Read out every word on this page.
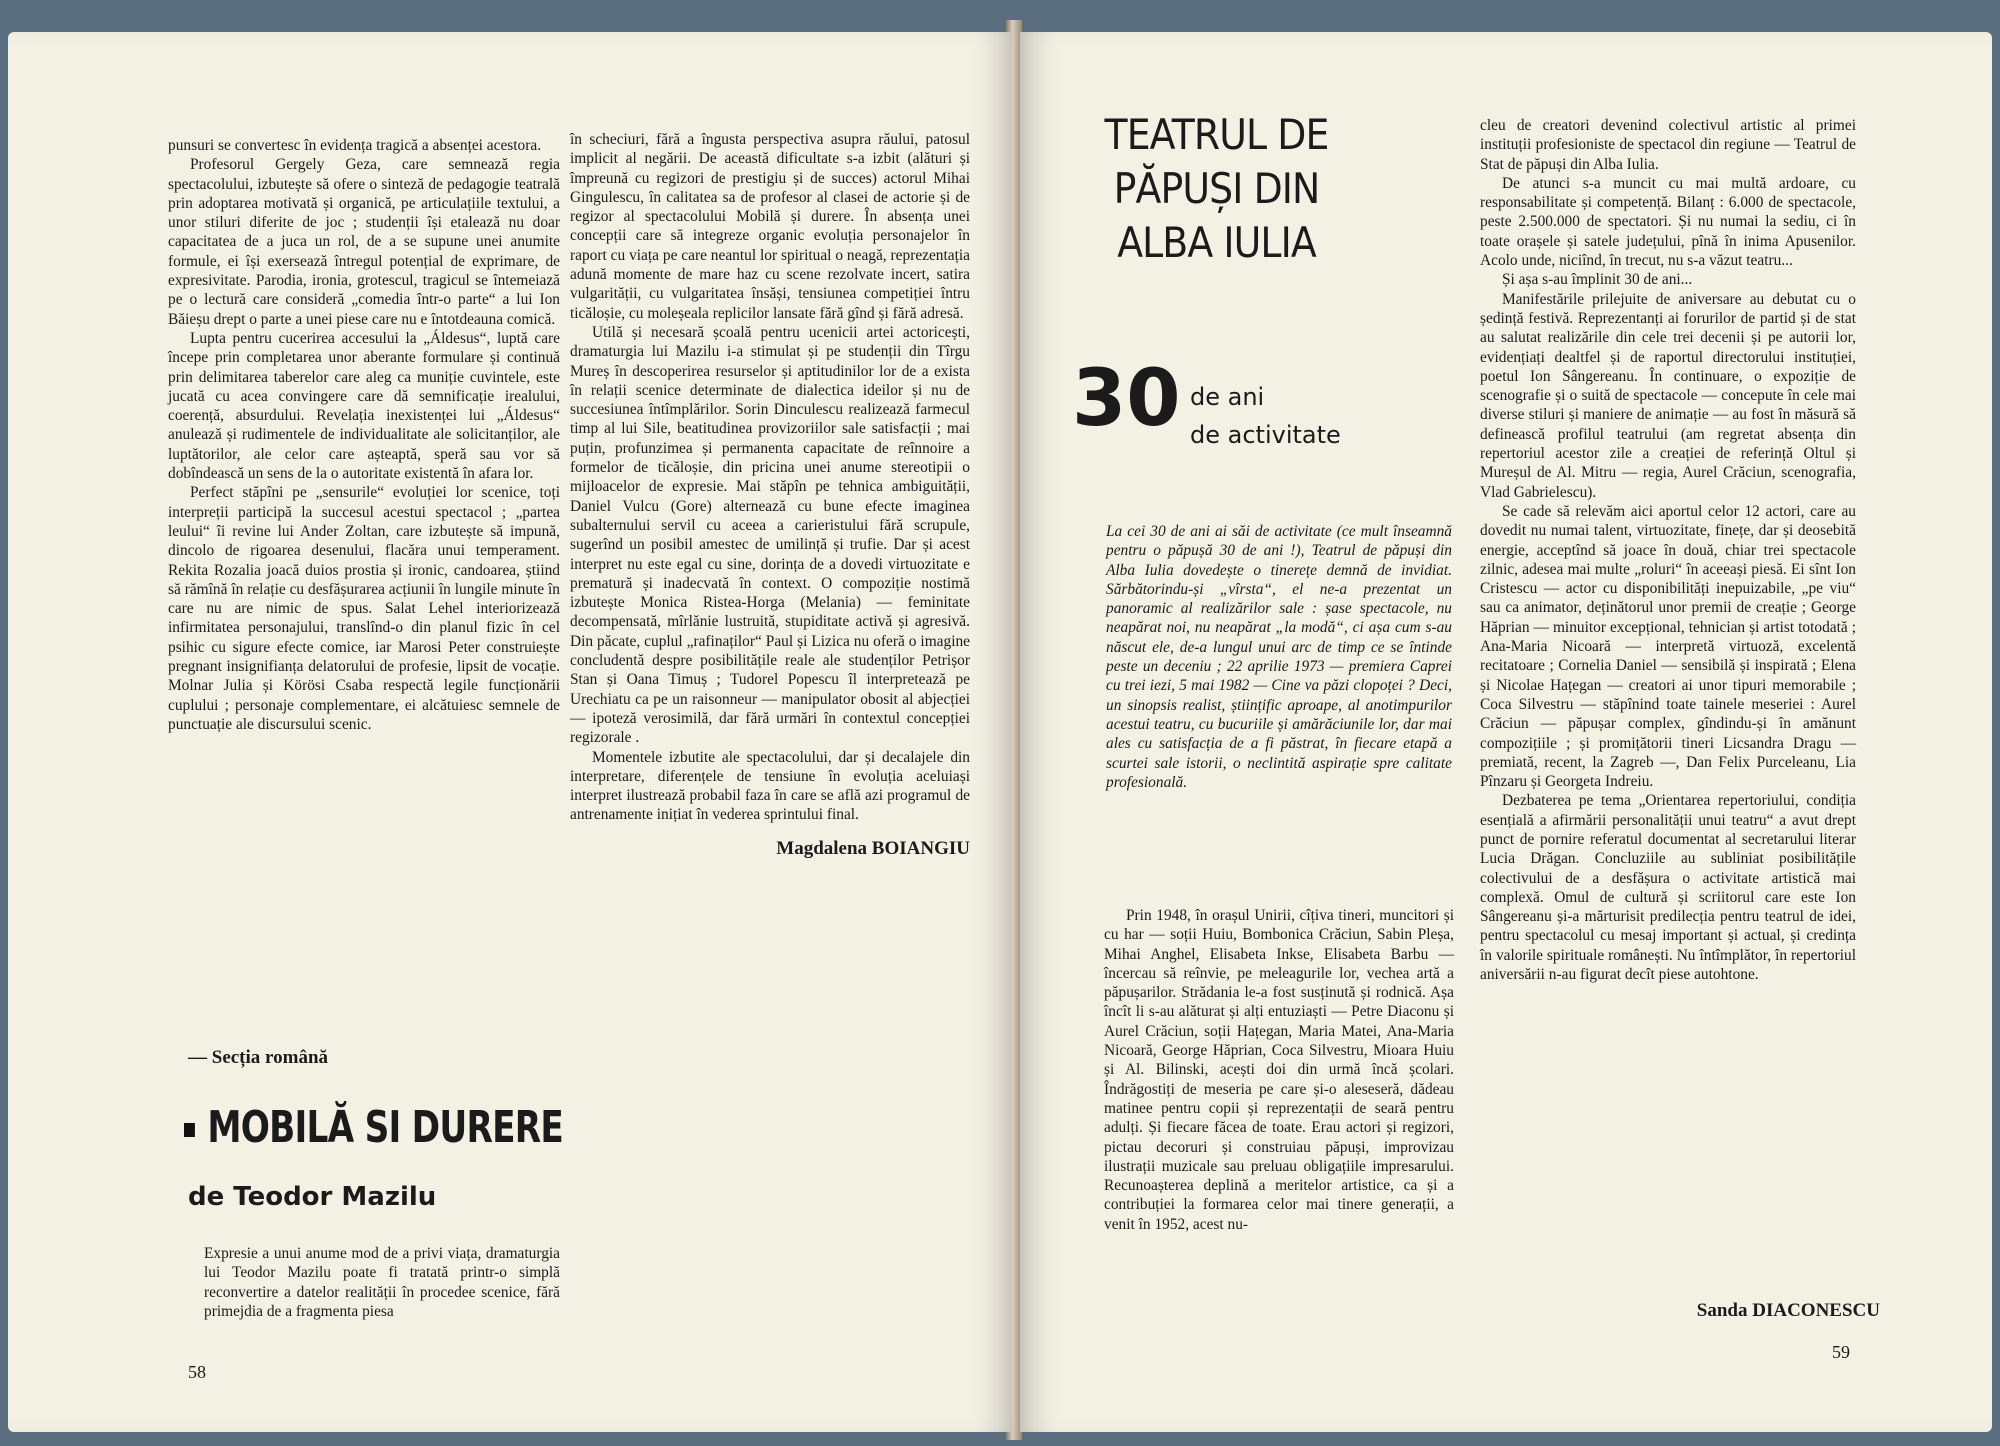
punsuri se convertesc în evidența tragică a absenței acestora.

Profesorul Gergely Geza, care semnează regia spectacolului, izbutește să ofere o sinteză de pedagogie teatrală prin adoptarea motivată și organică, pe articulațiile textului, a unor stiluri diferite de joc ; studenții își etalează nu doar capacitatea de a juca un rol, de a se supune unei anumite formule, ei își exersează întregul potențial de exprimare, de expresivitate. Parodia, ironia, grotescul, tragicul se întemeiază pe o lectură care consideră „comedia într-o parte“ a lui Ion Băieșu drept o parte a unei piese care nu e întotdeauna comică.

Lupta pentru cucerirea accesului la „Áldesus“, luptă care începe prin completarea unor aberante formulare și continuă prin delimitarea taberelor care aleg ca muniție cuvintele, este jucată cu acea convingere care dă semnificație irealului, coerență, absurdului. Revelația inexistenței lui „Áldesus“ anulează și rudimentele de individualitate ale solicitanților, ale luptătorilor, ale celor care așteaptă, speră sau vor să dobîndească un sens de la o autoritate existentă în afara lor.

Perfect stăpîni pe „sensurile“ evoluției lor scenice, toți interpreții participă la succesul acestui spectacol ; „partea leului“ îi revine lui Ander Zoltan, care izbutește să impună, dincolo de rigoarea desenului, flacăra unui temperament. Rekita Rozalia joacă duios prostia și ironic, candoarea, știind să rămînă în relație cu desfășurarea acțiunii în lungile minute în care nu are nimic de spus. Salat Lehel interiorizează infirmitatea personajului, translînd-o din planul fizic în cel psihic cu sigure efecte comice, iar Marosi Peter construiește pregnant insignifianța delatorului de profesie, lipsit de vocație. Molnar Julia și Körösi Csaba respectă legile funcționării cuplului ; personaje complementare, ei alcătuiesc semnele de punctuație ale discursului scenic.

— Secția română
MOBILĂ SI DURERE
de Teodor Mazilu
Expresie a unui anume mod de a privi viața, dramaturgia lui Teodor Mazilu poate fi tratată printr-o simplă reconvertire a datelor realității în procedee scenice, fără primejdia de a fragmenta piesa

în scheciuri, fără a îngusta perspectiva asupra răului, patosul implicit al negării. De această dificultate s-a izbit (alături și împreună cu regizori de prestigiu și de succes) actorul Mihai Gingulescu, în calitatea sa de profesor al clasei de actorie și de regizor al spectacolului Mobilă și durere. În absența unei concepții care să integreze organic evoluția personajelor în raport cu viața pe care neantul lor spiritual o neagă, reprezentația adună momente de mare haz cu scene rezolvate incert, satira vulgarității, cu vulgaritatea însăși, tensiunea competiției întru ticăloșie, cu moleșeala replicilor lansate fără gînd și fără adresă.

Utilă și necesară școală pentru ucenicii artei actoricești, dramaturgia lui Mazilu i-a stimulat și pe studenții din Tîrgu Mureș în descoperirea resurselor și aptitudinilor lor de a exista în relații scenice determinate de dialectica ideilor și nu de succesiunea întîmplărilor. Sorin Dinculescu realizează farmecul timp al lui Sile, beatitudinea provizoriilor sale satisfacții ; mai puțin, profunzimea și permanenta capacitate de reînnoire a formelor de ticăloșie, din pricina unei anume stereotipii o mijloacelor de expresie. Mai stăpîn pe tehnica ambiguității, Daniel Vulcu (Gore) alternează cu bune efecte imaginea subalternului servil cu aceea a carieristului fără scrupule, sugerînd un posibil amestec de umilință și trufie. Dar și acest interpret nu este egal cu sine, dorința de a dovedi virtuozitate e prematură și inadecvată în context. O compoziție nostimă izbutește Monica Ristea-Horga (Melania) — feminitate decompensată, mîrlănie lustruită, stupiditate activă și agresivă. Din păcate, cuplul „rafinaților“ Paul și Lizica nu oferă o imagine concludentă despre posibilitățile reale ale studenților Petrișor Stan și Oana Timuș ; Tudorel Popescu îl interpretează pe Urechiatu ca pe un raisonneur — manipulator obosit al abjecției — ipoteză verosimilă, dar fără urmări în contextul concepției regizorale .

Momentele izbutite ale spectacolului, dar și decalajele din interpretare, diferențele de tensiune în evoluția aceluiași interpret ilustrează probabil faza în care se află azi programul de antrenamente inițiat în vederea sprintului final.

Magdalena BOIANGIU
58
TEATRUL DE
PĂPUȘI DIN
ALBA IULIA
30 de ani
de activitate
La cei 30 de ani ai săi de activitate (ce mult înseamnă pentru o păpușă 30 de ani !), Teatrul de păpuși din Alba Iulia dovedește o tinerețe demnă de invidiat. Sărbătorindu-și „vîrsta“, el ne-a prezentat un panoramic al realizărilor sale : șase spectacole, nu neapărat noi, nu neapărat „la modă“, ci așa cum s-au născut ele, de-a lungul unui arc de timp ce se întinde peste un deceniu ; 22 aprilie 1973 — premiera Caprei cu trei iezi, 5 mai 1982 — Cine va păzi clopoței ? Deci, un sinopsis realist, științific aproape, al anotimpurilor acestui teatru, cu bucuriile și amărăciunile lor, dar mai ales cu satisfacția de a fi păstrat, în fiecare etapă a scurtei sale istorii, o neclintită aspirație spre calitate profesională.

Prin 1948, în orașul Unirii, cîțiva tineri, muncitori și cu har — soții Huiu, Bombonica Crăciun, Sabin Pleșa, Mihai Anghel, Elisabeta Inkse, Elisabeta Barbu — încercau să reînvie, pe meleagurile lor, vechea artă a păpușarilor. Strădania le-a fost susținută și rodnică. Așa încît li s-au alăturat și alți entuziaști — Petre Diaconu și Aurel Crăciun, soții Hațegan, Maria Matei, Ana-Maria Nicoară, George Hăprian, Coca Silvestru, Mioara Huiu și Al. Bilinski, acești doi din urmă încă școlari. Îndrăgostiți de meseria pe care și-o aleseseră, dădeau matineе pentru copii și reprezentații de seară pentru adulți. Și fiecare făcea de toate. Erau actori și regizori, pictau decoruri și construiau păpuși, improvizau ilustrații muzicale sau preluau obligațiile impresarului. Recunoașterea deplină a meritelor artistice, ca și a contribuției la formarea celor mai tinere generații, a venit în 1952, acest nu-

cleu de creatori devenind colectivul artistic al primei instituții profesioniste de spectacol din regiune — Teatrul de Stat de păpuși din Alba Iulia.

De atunci s-a muncit cu mai multă ardoare, cu responsabilitate și competență. Bilanț : 6.000 de spectacole, peste 2.500.000 de spectatori. Și nu numai la sediu, ci în toate orașele și satele județului, pînă în inima Apusenilor. Acolo unde, niciînd, în trecut, nu s-a văzut teatru...

Și așa s-au împlinit 30 de ani...

Manifestările prilejuite de aniversare au debutat cu o ședință festivă. Reprezentanți ai forurilor de partid și de stat au salutat realizările din cele trei decenii și pe autorii lor, evidențiați dealtfel și de raportul directorului instituției, poetul Ion Sângereanu. În continuare, o expoziție de scenografie și o suită de spectacole — concepute în cele mai diverse stiluri și maniere de animație — au fost în măsură să definească profilul teatrului (am regretat absența din repertoriul acestor zile a creației de referință Oltul și Mureșul de Al. Mitru — regia, Aurel Crăciun, scenografia, Vlad Gabrielescu).

Se cade să relevăm aici aportul celor 12 actori, care au dovedit nu numai talent, virtuozitate, finețe, dar și deosebită energie, acceptînd să joace în două, chiar trei spectacole zilnic, adesea mai multe „roluri“ în aceeași piesă. Ei sînt Ion Cristescu — actor cu disponibilități inepuizabile, „pe viu“ sau ca animator, deținătorul unor premii de creație ; George Hăprian — minuitor excepțional, tehnician și artist totodată ; Ana-Maria Nicoară — interpretă virtuoză, excelentă recitatoare ; Cornelia Daniel — sensibilă și inspirată ; Elena și Nicolae Hațegan — creatori ai unor tipuri memorabile ; Coca Silvestru — stăpînind toate tainele meseriei : Aurel Crăciun — păpușar complex, gîndindu-și în amănunt compozițiile ; și promițătorii tineri Licsandra Dragu — premiată, recent, la Zagreb —, Dan Felix Purceleanu, Lia Pînzaru și Georgeta Indreiu.

Dezbaterea pe tema „Orientarea repertoriului, condiția esențială a afirmării personalității unui teatru“ a avut drept punct de pornire referatul documentat al secretarului literar Lucia Drăgan. Concluziile au subliniat posibilitățile colectivului de a desfășura o activitate artistică mai complexă. Omul de cultură și scriitorul care este Ion Sângereanu și-a mărturisit predilecția pentru teatrul de idei, pentru spectacolul cu mesaj important și actual, și credința în valorile spirituale românești. Nu întîmplător, în repertoriul aniversării n-au figurat decît piese autohtone.

Sanda DIACONESCU
59
